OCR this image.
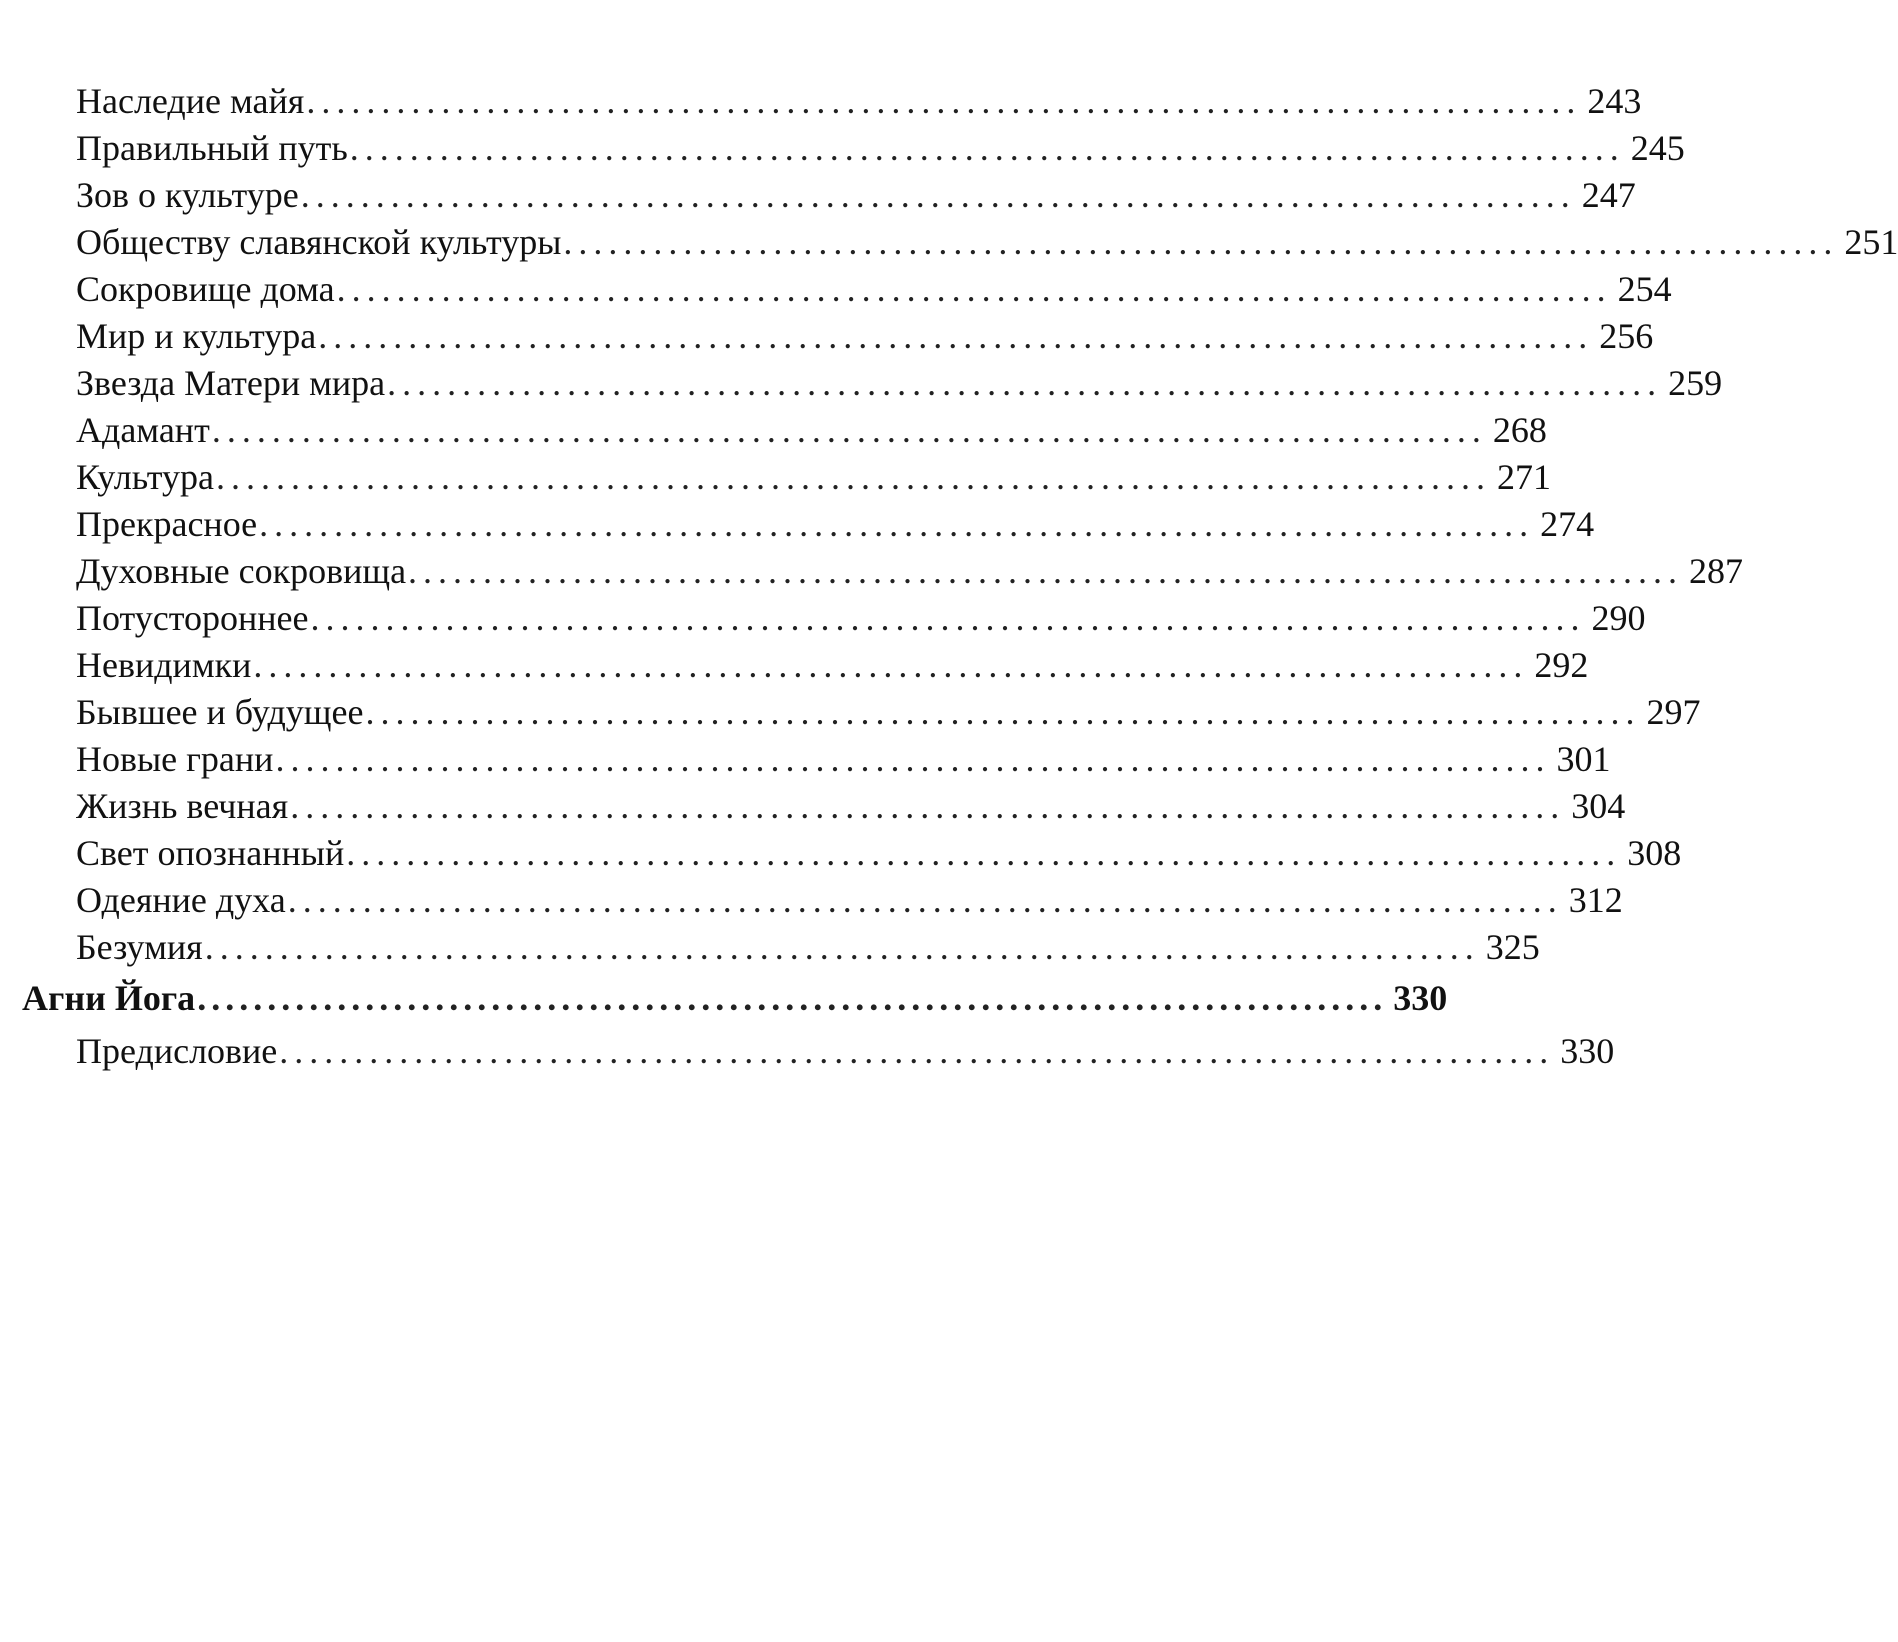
Наследие майя ..................................................................................... 243
Правильный путь ..................................................................................... 245
Зов о культуре ..................................................................................... 247
Обществу славянской культуры ..................................................................................... 251
Сокровище дома ..................................................................................... 254
Мир и культура ..................................................................................... 256
Звезда Матери мира ..................................................................................... 259
Адамант ..................................................................................... 268
Культура ..................................................................................... 271
Прекрасное ..................................................................................... 274
Духовные сокровища ..................................................................................... 287
Потустороннее ..................................................................................... 290
Невидимки ..................................................................................... 292
Бывшее и будущее ..................................................................................... 297
Новые грани ..................................................................................... 301
Жизнь вечная ..................................................................................... 304
Свет опознанный ..................................................................................... 308
Одеяние духа ..................................................................................... 312
Безумия ..................................................................................... 325
Агни Йога ..................................................................................... 330
Предисловие ..................................................................................... 330
